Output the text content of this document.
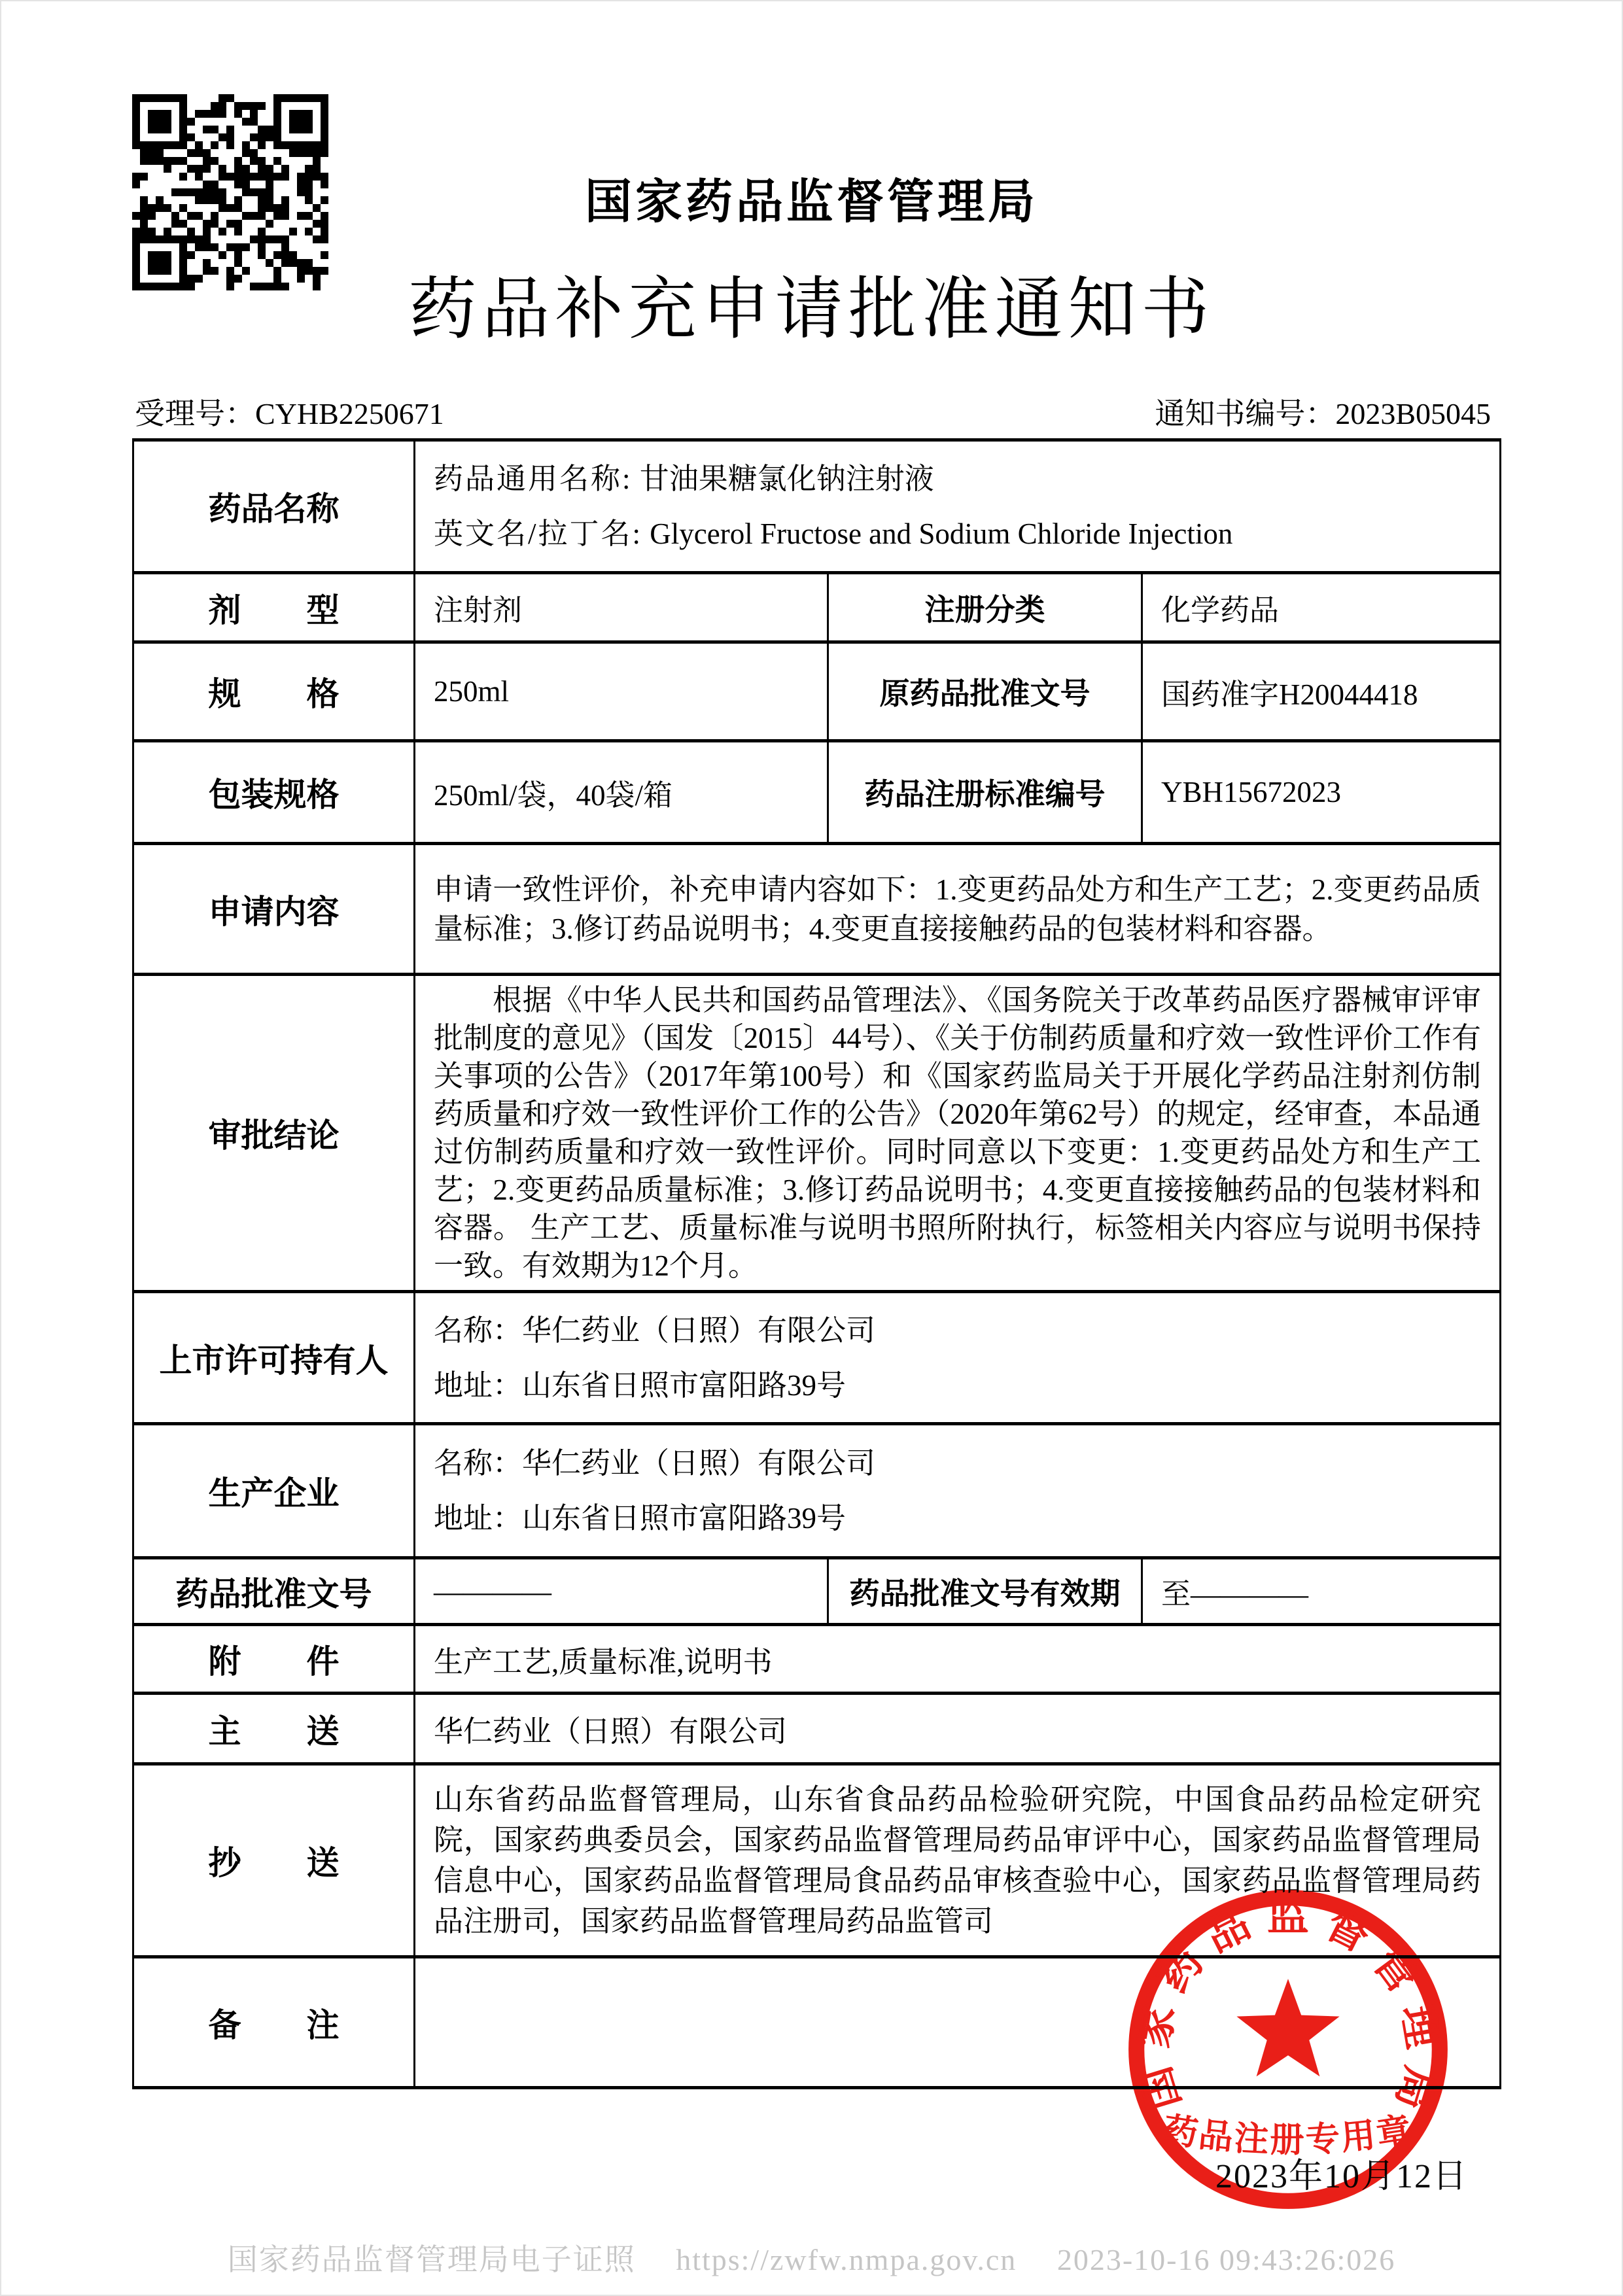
国家药品监督管理局
药品补充申请批准通知书
受理号：CYHB2250671	通知书编号：2023B05045
药品名称	药品通用名称: 甘油果糖氯化钠注射液
英文名/拉丁名: Glycerol Fructose and Sodium Chloride Injection		

剂　　型	注射剂	注册分类	化学药品
规　　格	250ml	原药品批准文号	国药准字H20044418
包装规格	250ml/袋，40袋/箱	药品注册标准编号	YBH15672023
申请内容	申请一致性评价，补充申请内容如下：1.变更药品处方和生产工艺；2.变更药品质量标准；3.修订药品说明书；4.变更直接接触药品的包装材料和容器。		
审批结论	根据《中华人民共和国药品管理法》、《国务院关于改革药品医疗器械审评审批制度的意见》（国发〔2015〕44号）、《关于仿制药质量和疗效一致性评价工作有关事项的公告》（2017年第100号）和《国家药监局关于开展化学药品注射剂仿制药质量和疗效一致性评价工作的公告》（2020年第62号）的规定，经审查，本品通过仿制药质量和疗效一致性评价。同时同意以下变更：1.变更药品处方和生产工艺；2.变更药品质量标准；3.修订药品说明书；4.变更直接接触药品的包装材料和容器。 生产工艺、质量标准与说明书照所附执行，标签相关内容应与说明书保持一致。有效期为12个月。		
上市许可持有人	名称：华仁药业（日照）有限公司
地址：山东省日照市富阳路39号		

生产企业	名称：华仁药业（日照）有限公司
地址：山东省日照市富阳路39号		

药品批准文号	————	药品批准文号有效期	至————
附　　件	生产工艺,质量标准,说明书		
主　　送	华仁药业（日照）有限公司		
抄　　送	山东省药品监督管理局，山东省食品药品检验研究院，中国食品药品检定研究院，国家药典委员会，国家药品监督管理局药品审评中心，国家药品监督管理局信息中心，国家药品监督管理局食品药品审核查验中心，国家药品监督管理局药品注册司，国家药品监督管理局药品监管司		
备　　注			
2023年10月12日
国
家
药
品 监 督
管
理
局
药品注册专用章
国家药品监督管理局电子证照 https://zwfw.nmpa.gov.cn 2023-10-16 09:43:26:026
